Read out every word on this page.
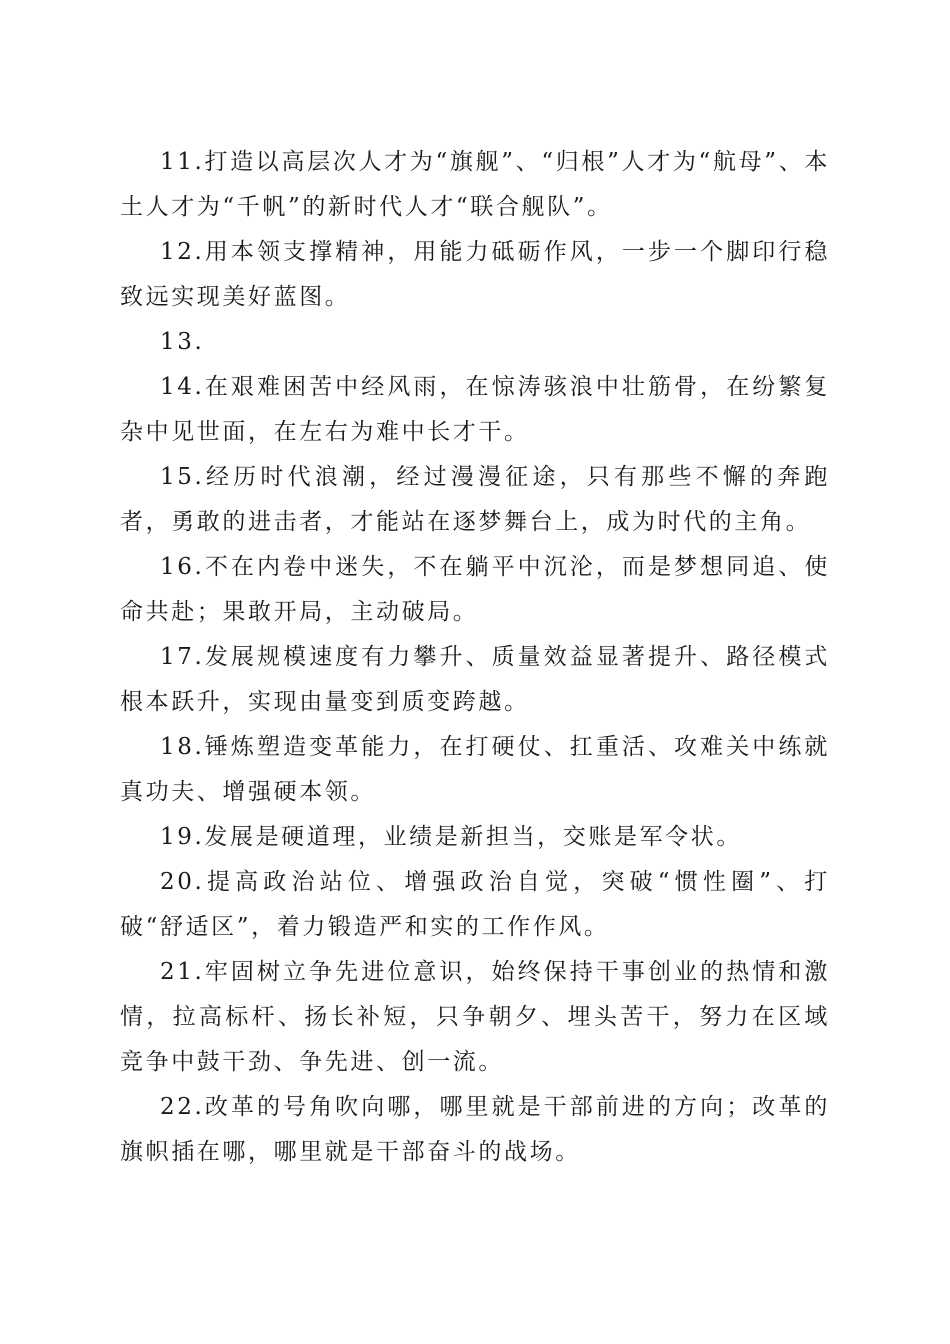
11.打造以高层次人才为“旗舰”、“归根”人才为“航母”、本土人才为“千帆”的新时代人才“联合舰队”。

12.用本领支撑精神，用能力砥砺作风，一步一个脚印行稳致远实现美好蓝图。

13.

14.在艰难困苦中经风雨，在惊涛骇浪中壮筋骨，在纷繁复杂中见世面，在左右为难中长才干。

15.经历时代浪潮，经过漫漫征途，只有那些不懈的奔跑者，勇敢的进击者，才能站在逐梦舞台上，成为时代的主角。

16.不在内卷中迷失，不在躺平中沉沦，而是梦想同追、使命共赴；果敢开局，主动破局。

17.发展规模速度有力攀升、质量效益显著提升、路径模式根本跃升，实现由量变到质变跨越。

18.锤炼塑造变革能力，在打硬仗、扛重活、攻难关中练就真功夫、增强硬本领。

19.发展是硬道理，业绩是新担当，交账是军令状。

20.提高政治站位、增强政治自觉，突破“惯性圈”、打破“舒适区”，着力锻造严和实的工作作风。

21.牢固树立争先进位意识，始终保持干事创业的热情和激情，拉高标杆、扬长补短，只争朝夕、埋头苦干，努力在区域竞争中鼓干劲、争先进、创一流。

22.改革的号角吹向哪，哪里就是干部前进的方向；改革的旗帜插在哪，哪里就是干部奋斗的战场。
